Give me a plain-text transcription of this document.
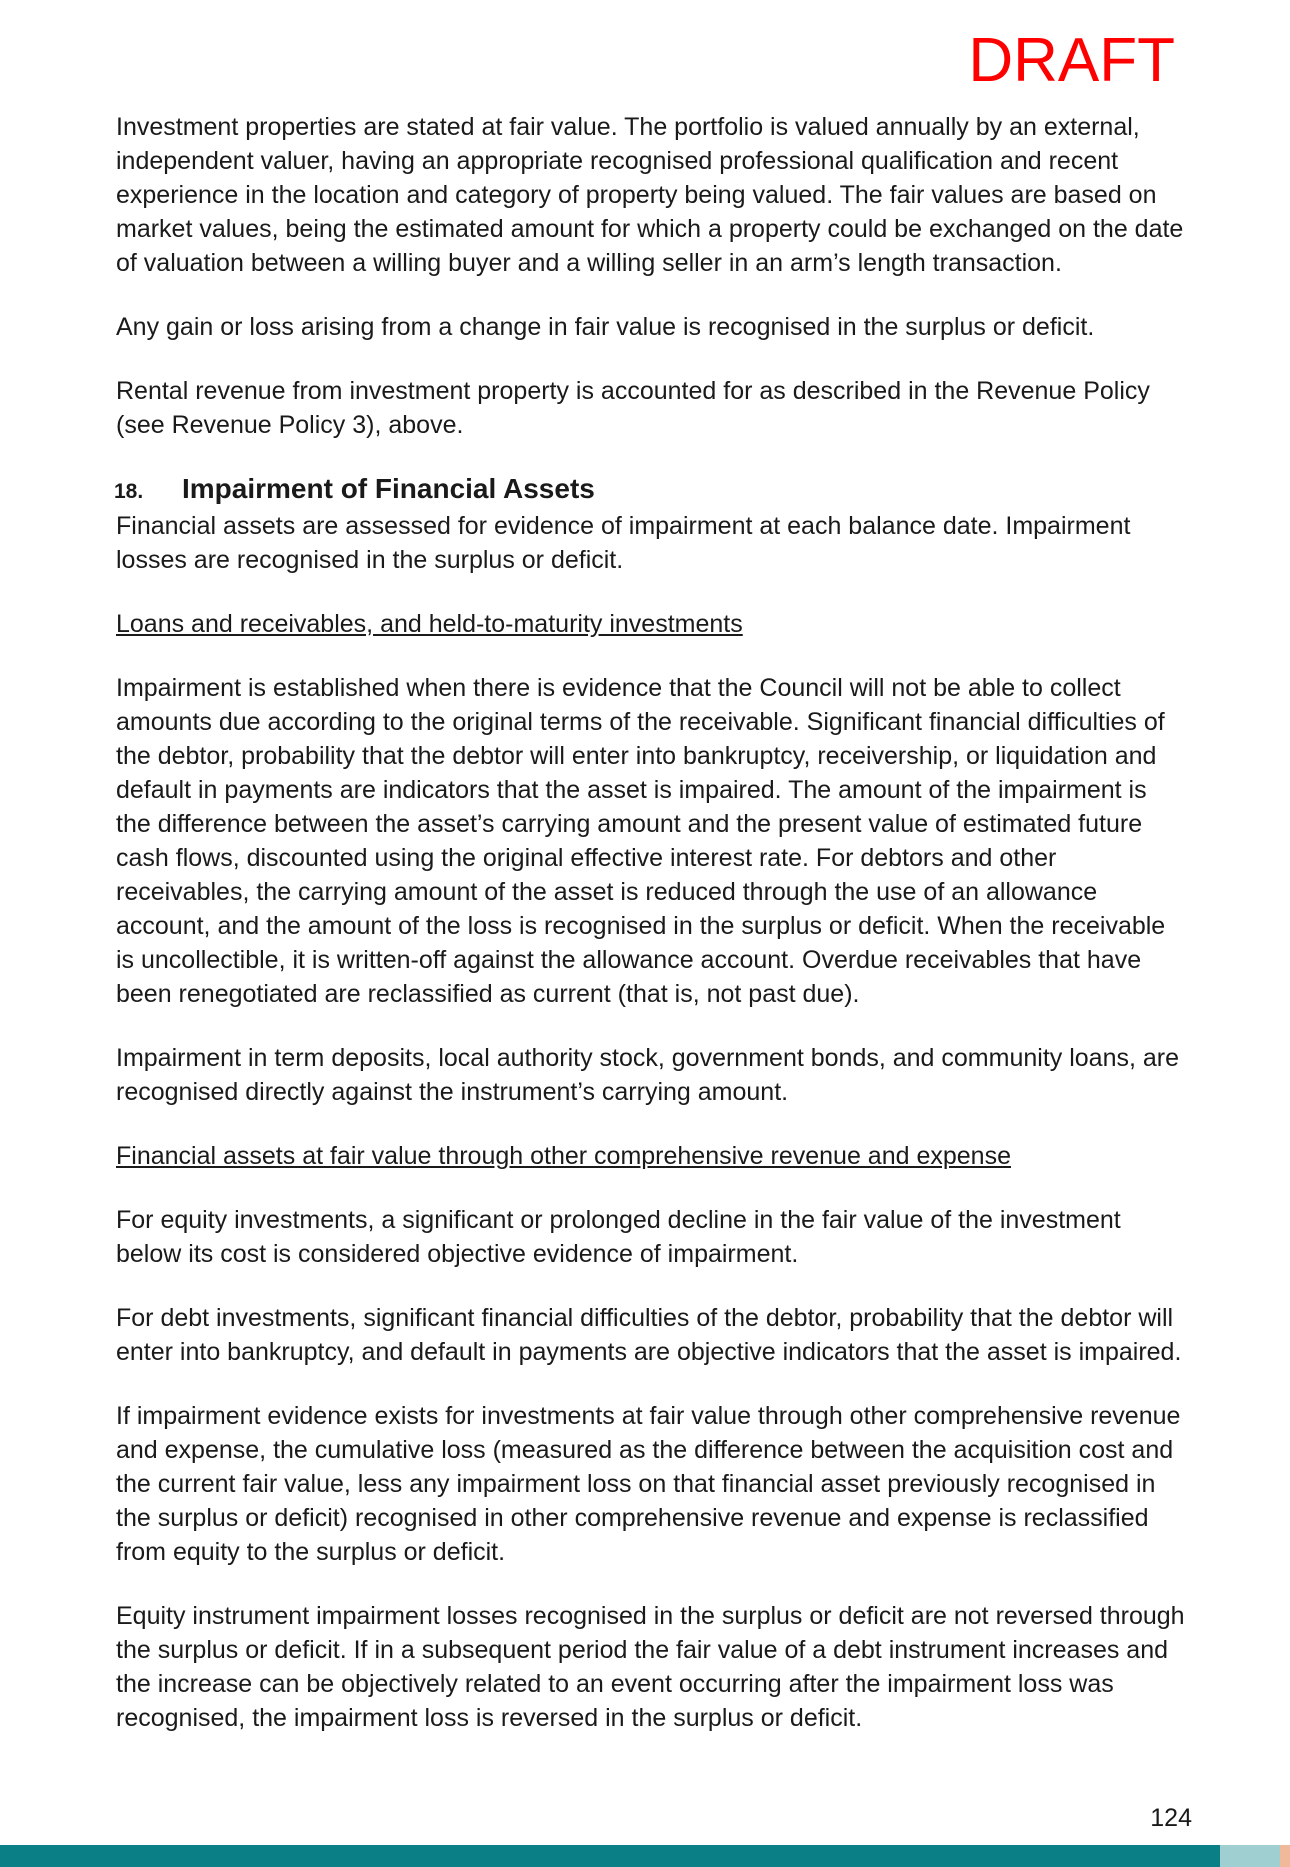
DRAFT

Investment properties are stated at fair value. The portfolio is valued annually by an external, independent valuer, having an appropriate recognised professional qualification and recent experience in the location and category of property being valued. The fair values are based on market values, being the estimated amount for which a property could be exchanged on the date of valuation between a willing buyer and a willing seller in an arm’s length transaction.

Any gain or loss arising from a change in fair value is recognised in the surplus or deficit.

Rental revenue from investment property is accounted for as described in the Revenue Policy (see Revenue Policy 3), above.

18.	Impairment of Financial Assets

Financial assets are assessed for evidence of impairment at each balance date. Impairment losses are recognised in the surplus or deficit.

Loans and receivables, and held-to-maturity investments

Impairment is established when there is evidence that the Council will not be able to collect amounts due according to the original terms of the receivable. Significant financial difficulties of the debtor, probability that the debtor will enter into bankruptcy, receivership, or liquidation and default in payments are indicators that the asset is impaired. The amount of the impairment is the difference between the asset’s carrying amount and the present value of estimated future cash flows, discounted using the original effective interest rate. For debtors and other receivables, the carrying amount of the asset is reduced through the use of an allowance account, and the amount of the loss is recognised in the surplus or deficit. When the receivable is uncollectible, it is written-off against the allowance account. Overdue receivables that have been renegotiated are reclassified as current (that is, not past due).

Impairment in term deposits, local authority stock, government bonds, and community loans, are recognised directly against the instrument’s carrying amount.

Financial assets at fair value through other comprehensive revenue and expense

For equity investments, a significant or prolonged decline in the fair value of the investment below its cost is considered objective evidence of impairment.

For debt investments, significant financial difficulties of the debtor, probability that the debtor will enter into bankruptcy, and default in payments are objective indicators that the asset is impaired.

If impairment evidence exists for investments at fair value through other comprehensive revenue and expense, the cumulative loss (measured as the difference between the acquisition cost and the current fair value, less any impairment loss on that financial asset previously recognised in the surplus or deficit) recognised in other comprehensive revenue and expense is reclassified from equity to the surplus or deficit.

Equity instrument impairment losses recognised in the surplus or deficit are not reversed through the surplus or deficit. If in a subsequent period the fair value of a debt instrument increases and the increase can be objectively related to an event occurring after the impairment loss was recognised, the impairment loss is reversed in the surplus or deficit.

124
